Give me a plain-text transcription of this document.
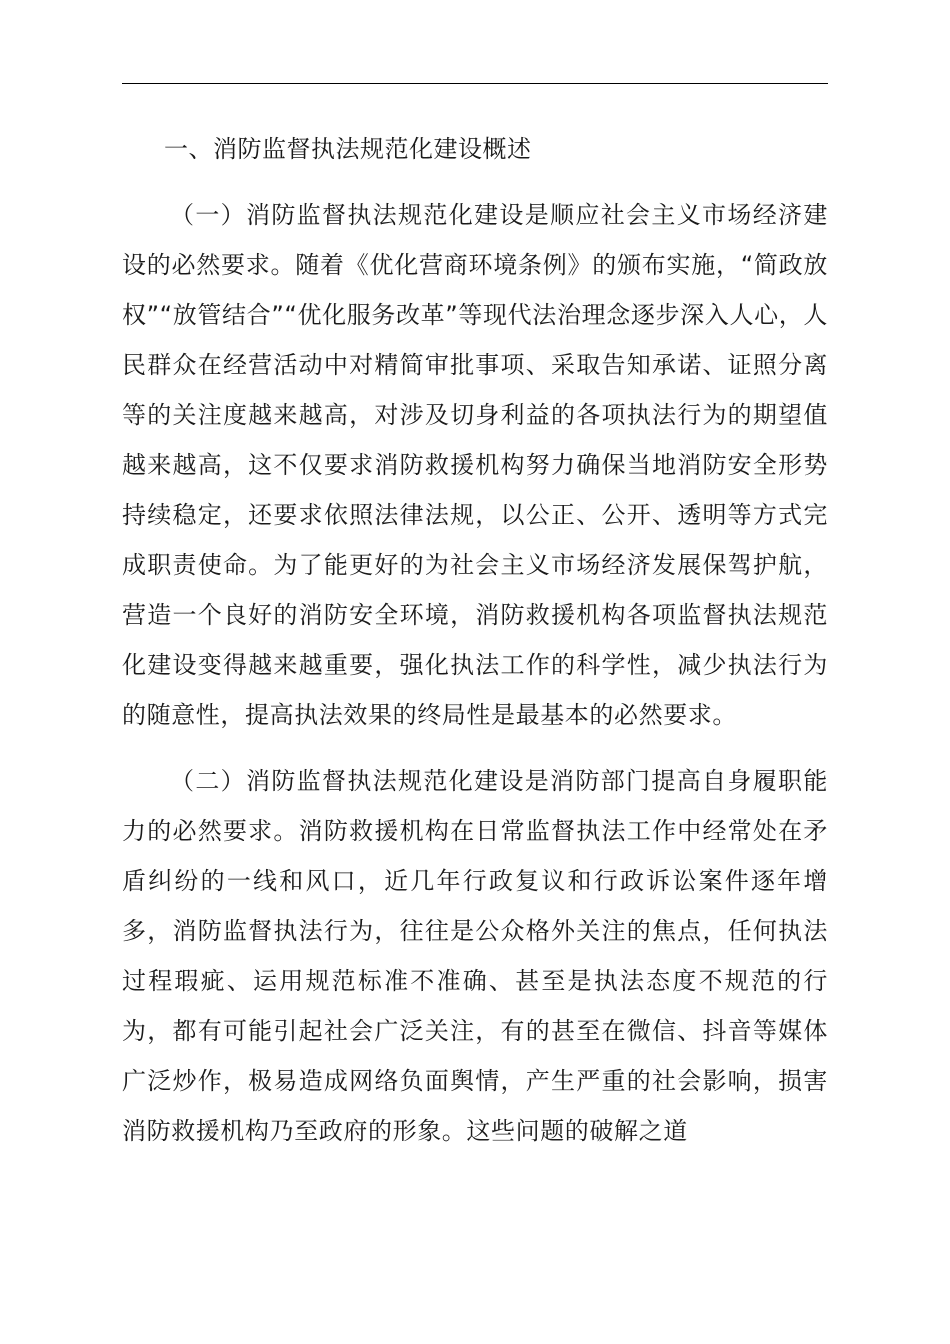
一、消防监督执法规范化建设概述

（一）消防监督执法规范化建设是顺应社会主义市场经济建设的必然要求。随着《优化营商环境条例》的颁布实施，“简政放权”“放管结合”“优化服务改革”等现代法治理念逐步深入人心，人民群众在经营活动中对精简审批事项、采取告知承诺、证照分离等的关注度越来越高，对涉及切身利益的各项执法行为的期望值越来越高，这不仅要求消防救援机构努力确保当地消防安全形势持续稳定，还要求依照法律法规，以公正、公开、透明等方式完成职责使命。为了能更好的为社会主义市场经济发展保驾护航，营造一个良好的消防安全环境，消防救援机构各项监督执法规范化建设变得越来越重要，强化执法工作的科学性，减少执法行为的随意性，提高执法效果的终局性是最基本的必然要求。

（二）消防监督执法规范化建设是消防部门提高自身履职能力的必然要求。消防救援机构在日常监督执法工作中经常处在矛盾纠纷的一线和风口，近几年行政复议和行政诉讼案件逐年增多，消防监督执法行为，往往是公众格外关注的焦点，任何执法过程瑕疵、运用规范标准不准确、甚至是执法态度不规范的行为，都有可能引起社会广泛关注，有的甚至在微信、抖音等媒体广泛炒作，极易造成网络负面舆情，产生严重的社会影响，损害消防救援机构乃至政府的形象。这些问题的破解之道
